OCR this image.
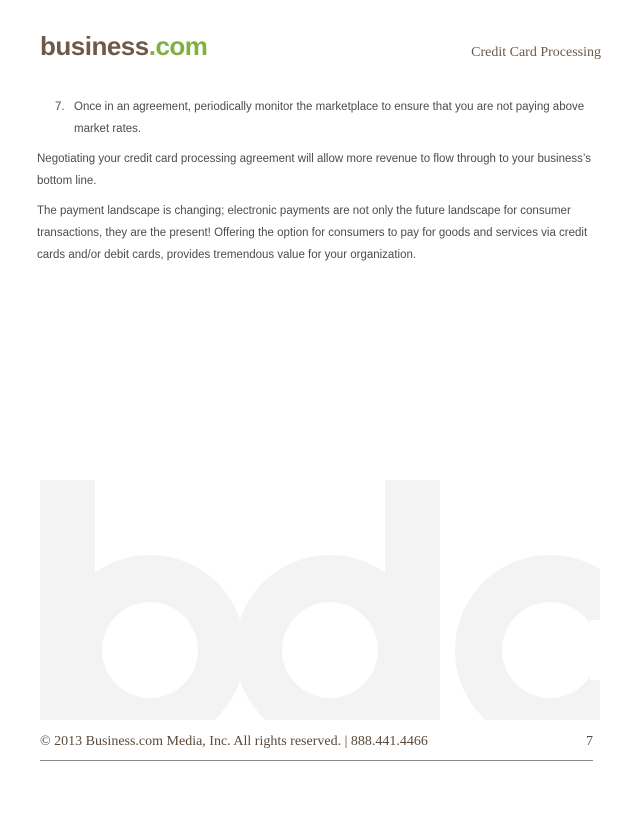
business.com	Credit Card Processing
7. Once in an agreement, periodically monitor the marketplace to ensure that you are not paying above market rates.

Negotiating your credit card processing agreement will allow more revenue to flow through to your business’s bottom line.

The payment landscape is changing; electronic payments are not only the future landscape for consumer transactions, they are the present! Offering the option for consumers to pay for goods and services via credit cards and/or debit cards, provides tremendous value for your organization.

© 2013 Business.com Media, Inc. All rights reserved. | 888.441.4466	7
